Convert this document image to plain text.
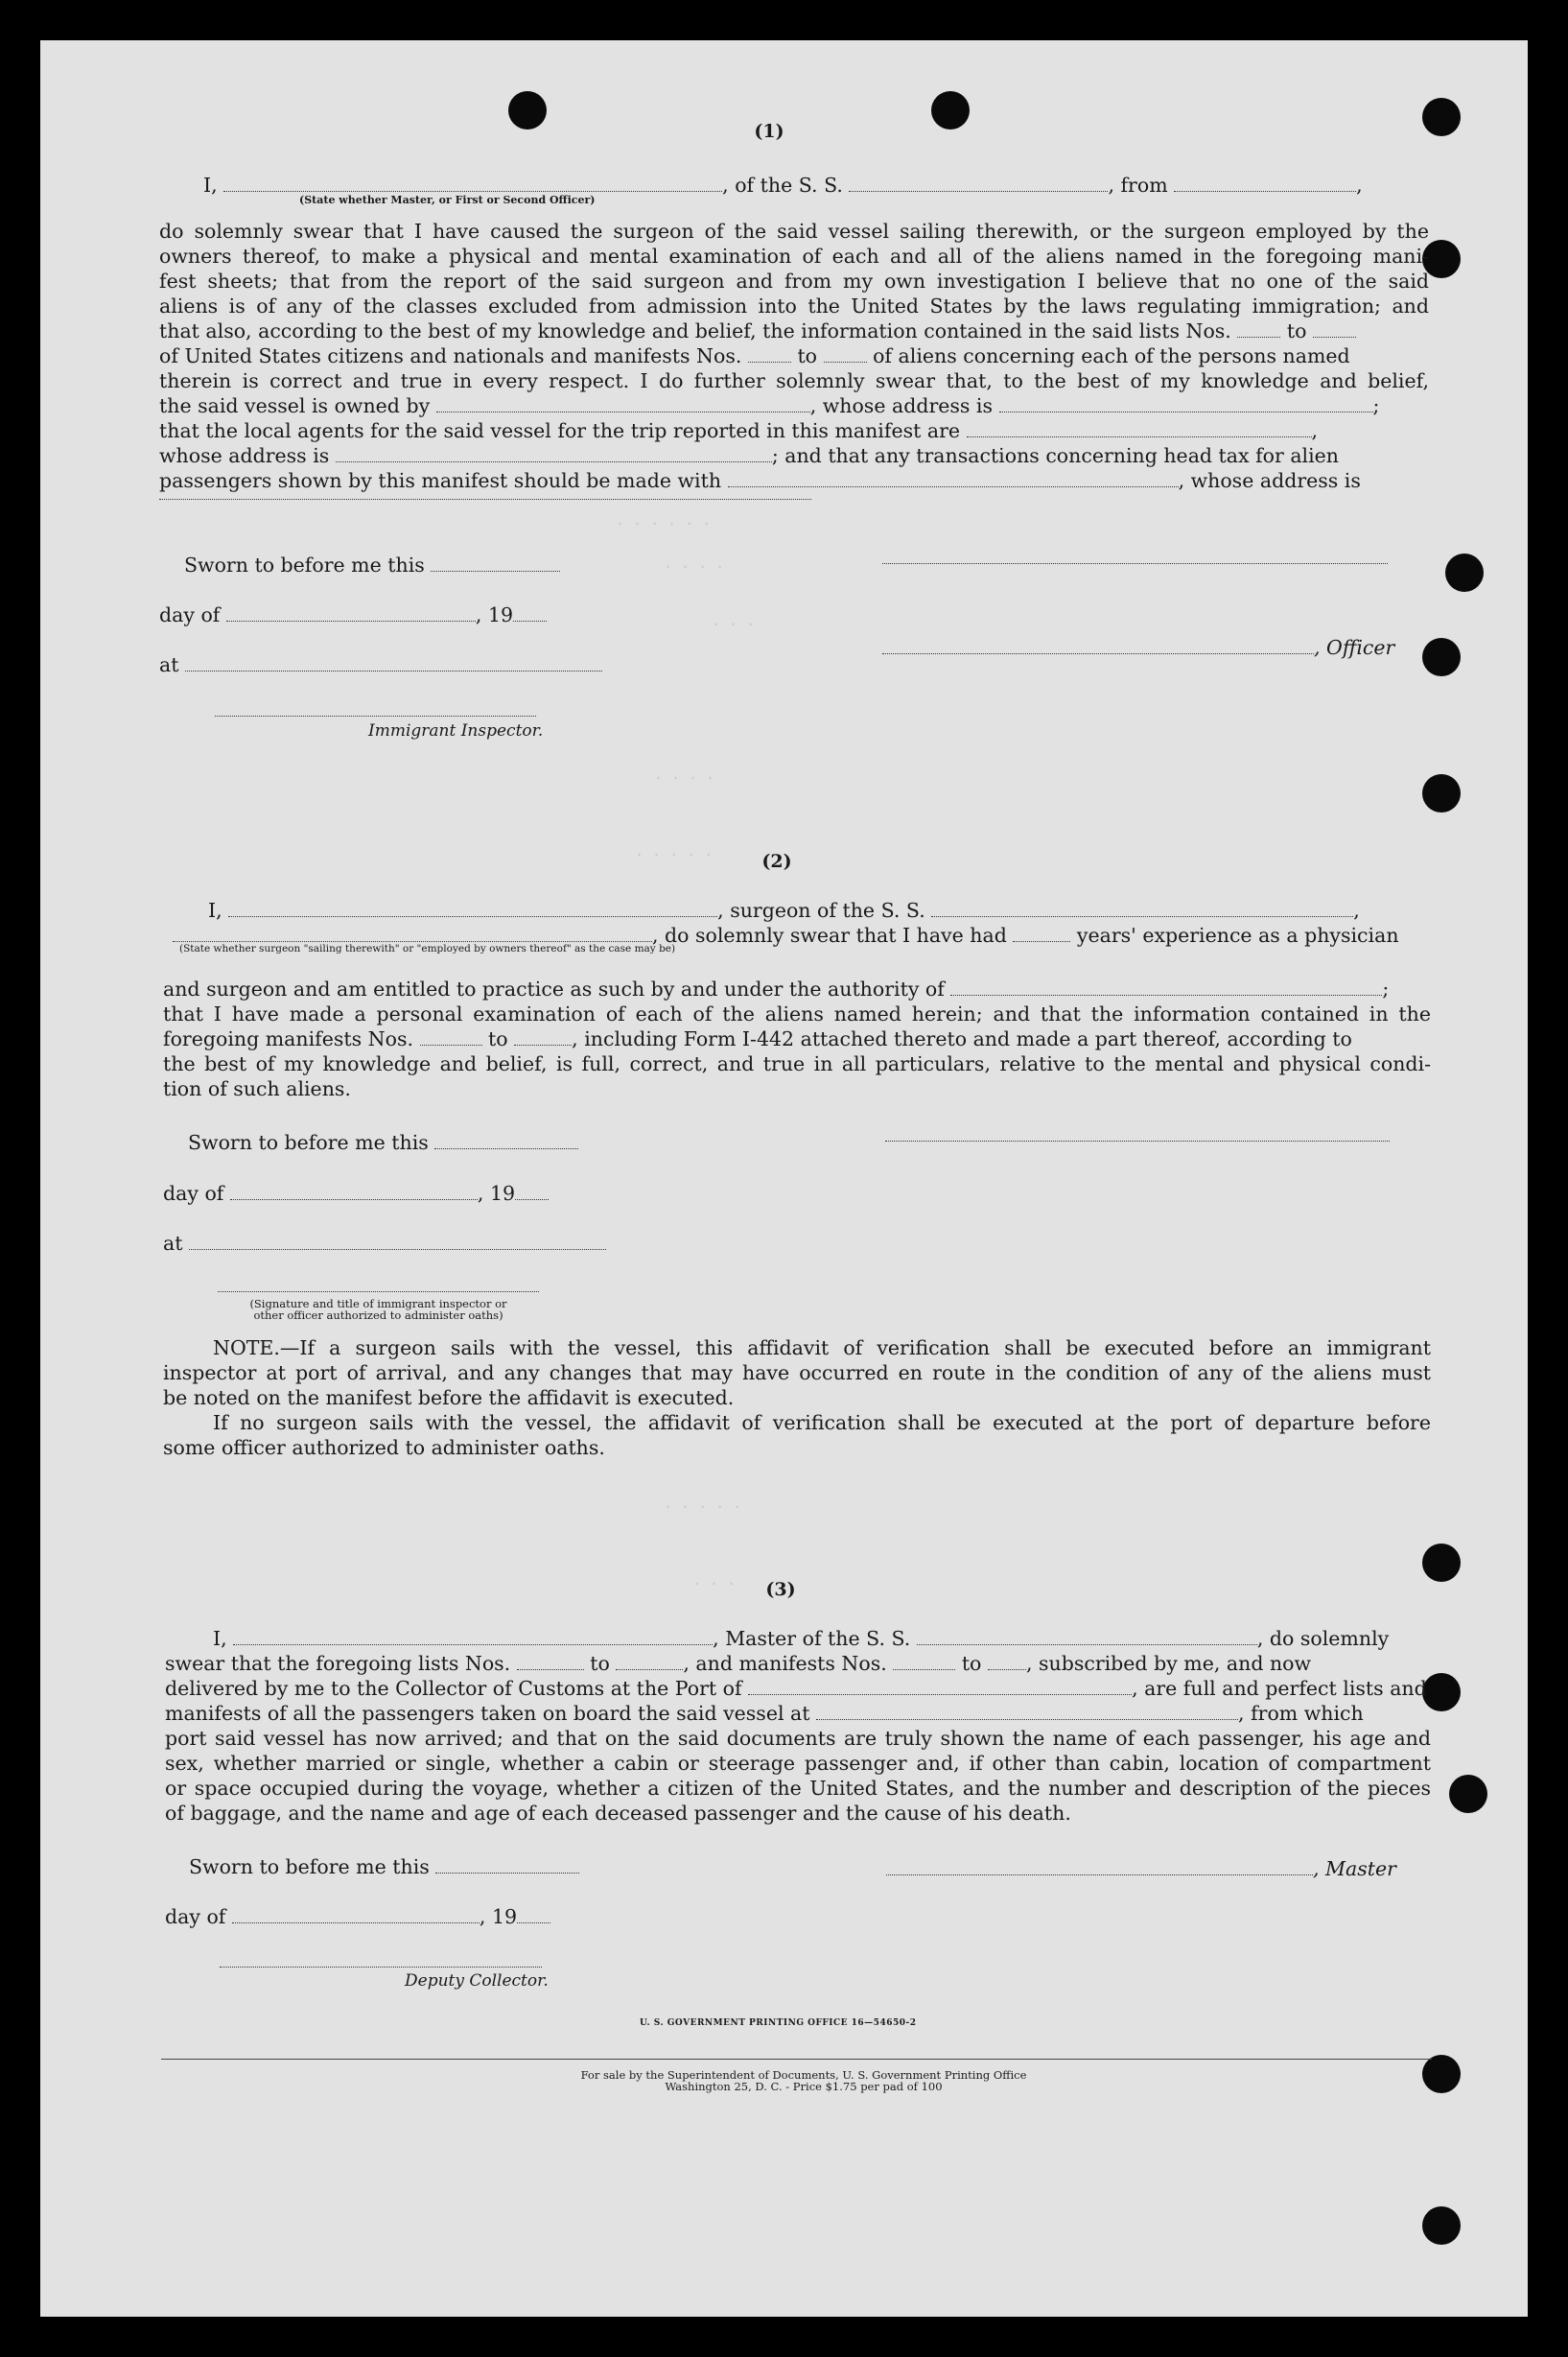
(1)
I,	, of the S. S.	, from	,
(State whether Master, or First or Second Officer)
do solemnly swear that I have caused the surgeon of the said vessel sailing therewith, or the surgeon employed by the
owners thereof, to make a physical and mental examination of each and all of the aliens named in the foregoing mani-
fest sheets; that from the report of the said surgeon and from my own investigation I believe that no one of the said
aliens is of any of the classes excluded from admission into the United States by the laws regulating immigration; and
that also, according to the best of my knowledge and belief, the information contained in the said lists Nos.	to
of United States citizens and nationals and manifests Nos.	to	of aliens concerning each of the persons named
therein is correct and true in every respect. I do further solemnly swear that, to the best of my knowledge and belief,
the said vessel is owned by	, whose address is	;
that the local agents for the said vessel for the trip reported in this manifest are	,
whose address is	; and that any transactions concerning head tax for alien
passengers shown by this manifest should be made with	, whose address is
Sworn to before me this
day of	, 19
, Officer
at
Immigrant Inspector.
· · · · · ·
· · · ·
· · ·
· · · ·
· · · · ·	(2)
I,	, surgeon of the S. S.	,
, do solemnly swear that I have had	years' experience as a physician
(State whether surgeon "sailing therewith" or "employed by owners thereof" as the case may be)
and surgeon and am entitled to practice as such by and under the authority of	;
that I have made a personal examination of each of the aliens named herein; and that the information contained in the
foregoing manifests Nos.	to	, including Form I-442 attached thereto and made a part thereof, according to
the best of my knowledge and belief, is full, correct, and true in all particulars, relative to the mental and physical condi-
tion of such aliens.
Sworn to before me this
day of	, 19
at
(Signature and title of immigrant inspector or
other officer authorized to administer oaths)
NOTE.—If a surgeon sails with the vessel, this affidavit of verification shall be executed before an immigrant
inspector at port of arrival, and any changes that may have occurred en route in the condition of any of the aliens must
be noted on the manifest before the affidavit is executed.
If no surgeon sails with the vessel, the affidavit of verification shall be executed at the port of departure before
some officer authorized to administer oaths.
· · · · ·
· · ·	(3)
I,	, Master of the S. S.	, do solemnly
swear that the foregoing lists Nos.	to	, and manifests Nos.	to , subscribed by me, and now
delivered by me to the Collector of Customs at the Port of	, are full and perfect lists and
manifests of all the passengers taken on board the said vessel at	, from which
port said vessel has now arrived; and that on the said documents are truly shown the name of each passenger, his age and
sex, whether married or single, whether a cabin or steerage passenger and, if other than cabin, location of compartment
or space occupied during the voyage, whether a citizen of the United States, and the number and description of the pieces
of baggage, and the name and age of each deceased passenger and the cause of his death.
Sworn to before me this	, Master
day of	, 19
Deputy Collector.
U. S. GOVERNMENT PRINTING OFFICE 16—54650-2
For sale by the Superintendent of Documents, U. S. Government Printing Office
Washington 25, D. C. - Price $1.75 per pad of 100
